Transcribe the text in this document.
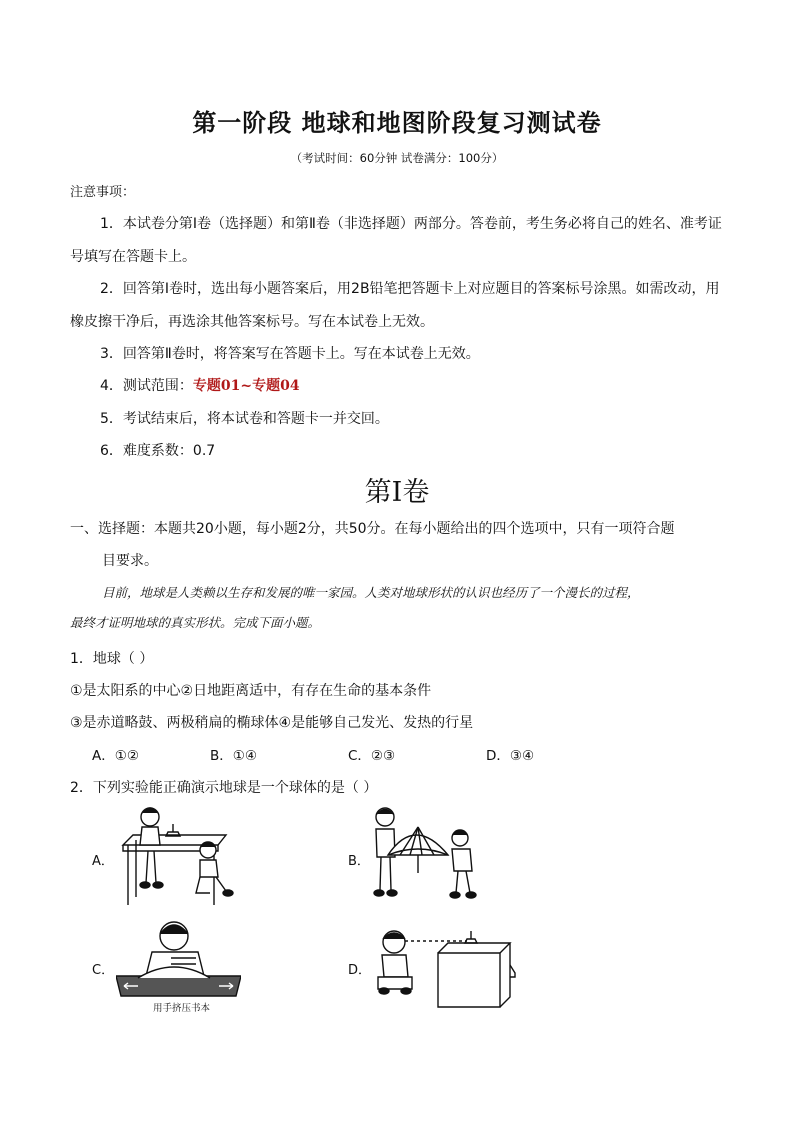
第一阶段 地球和地图阶段复习测试卷
（考试时间：60分钟 试卷满分：100分）
注意事项：
1．本试卷分第Ⅰ卷（选择题）和第Ⅱ卷（非选择题）两部分。答卷前，考生务必将自己的姓名、准考证号填写在答题卡上。
2．回答第Ⅰ卷时，选出每小题答案后，用2B铅笔把答题卡上对应题目的答案标号涂黑。如需改动，用橡皮擦干净后，再选涂其他答案标号。写在本试卷上无效。
3．回答第Ⅱ卷时，将答案写在答题卡上。写在本试卷上无效。
4．测试范围：专题01~专题04
5．考试结束后，将本试卷和答题卡一并交回。
6．难度系数：0.7
第Ⅰ卷
一、选择题：本题共20小题，每小题2分，共50分。在每小题给出的四个选项中，只有一项符合题
目要求。
目前，地球是人类赖以生存和发展的唯一家园。人类对地球形状的认识也经历了一个漫长的过程，
最终才证明地球的真实形状。完成下面小题。
1．地球（ ）
①是太阳系的中心②日地距离适中，有存在生命的基本条件
③是赤道略鼓、两极稍扁的椭球体④是能够自己发光、发热的行星
A．①②	B．①④	C．②③	D．③④
2．下列实验能正确演示地球是一个球体的是（ ）
A．	B．
C．
用手挤压书本
D．
